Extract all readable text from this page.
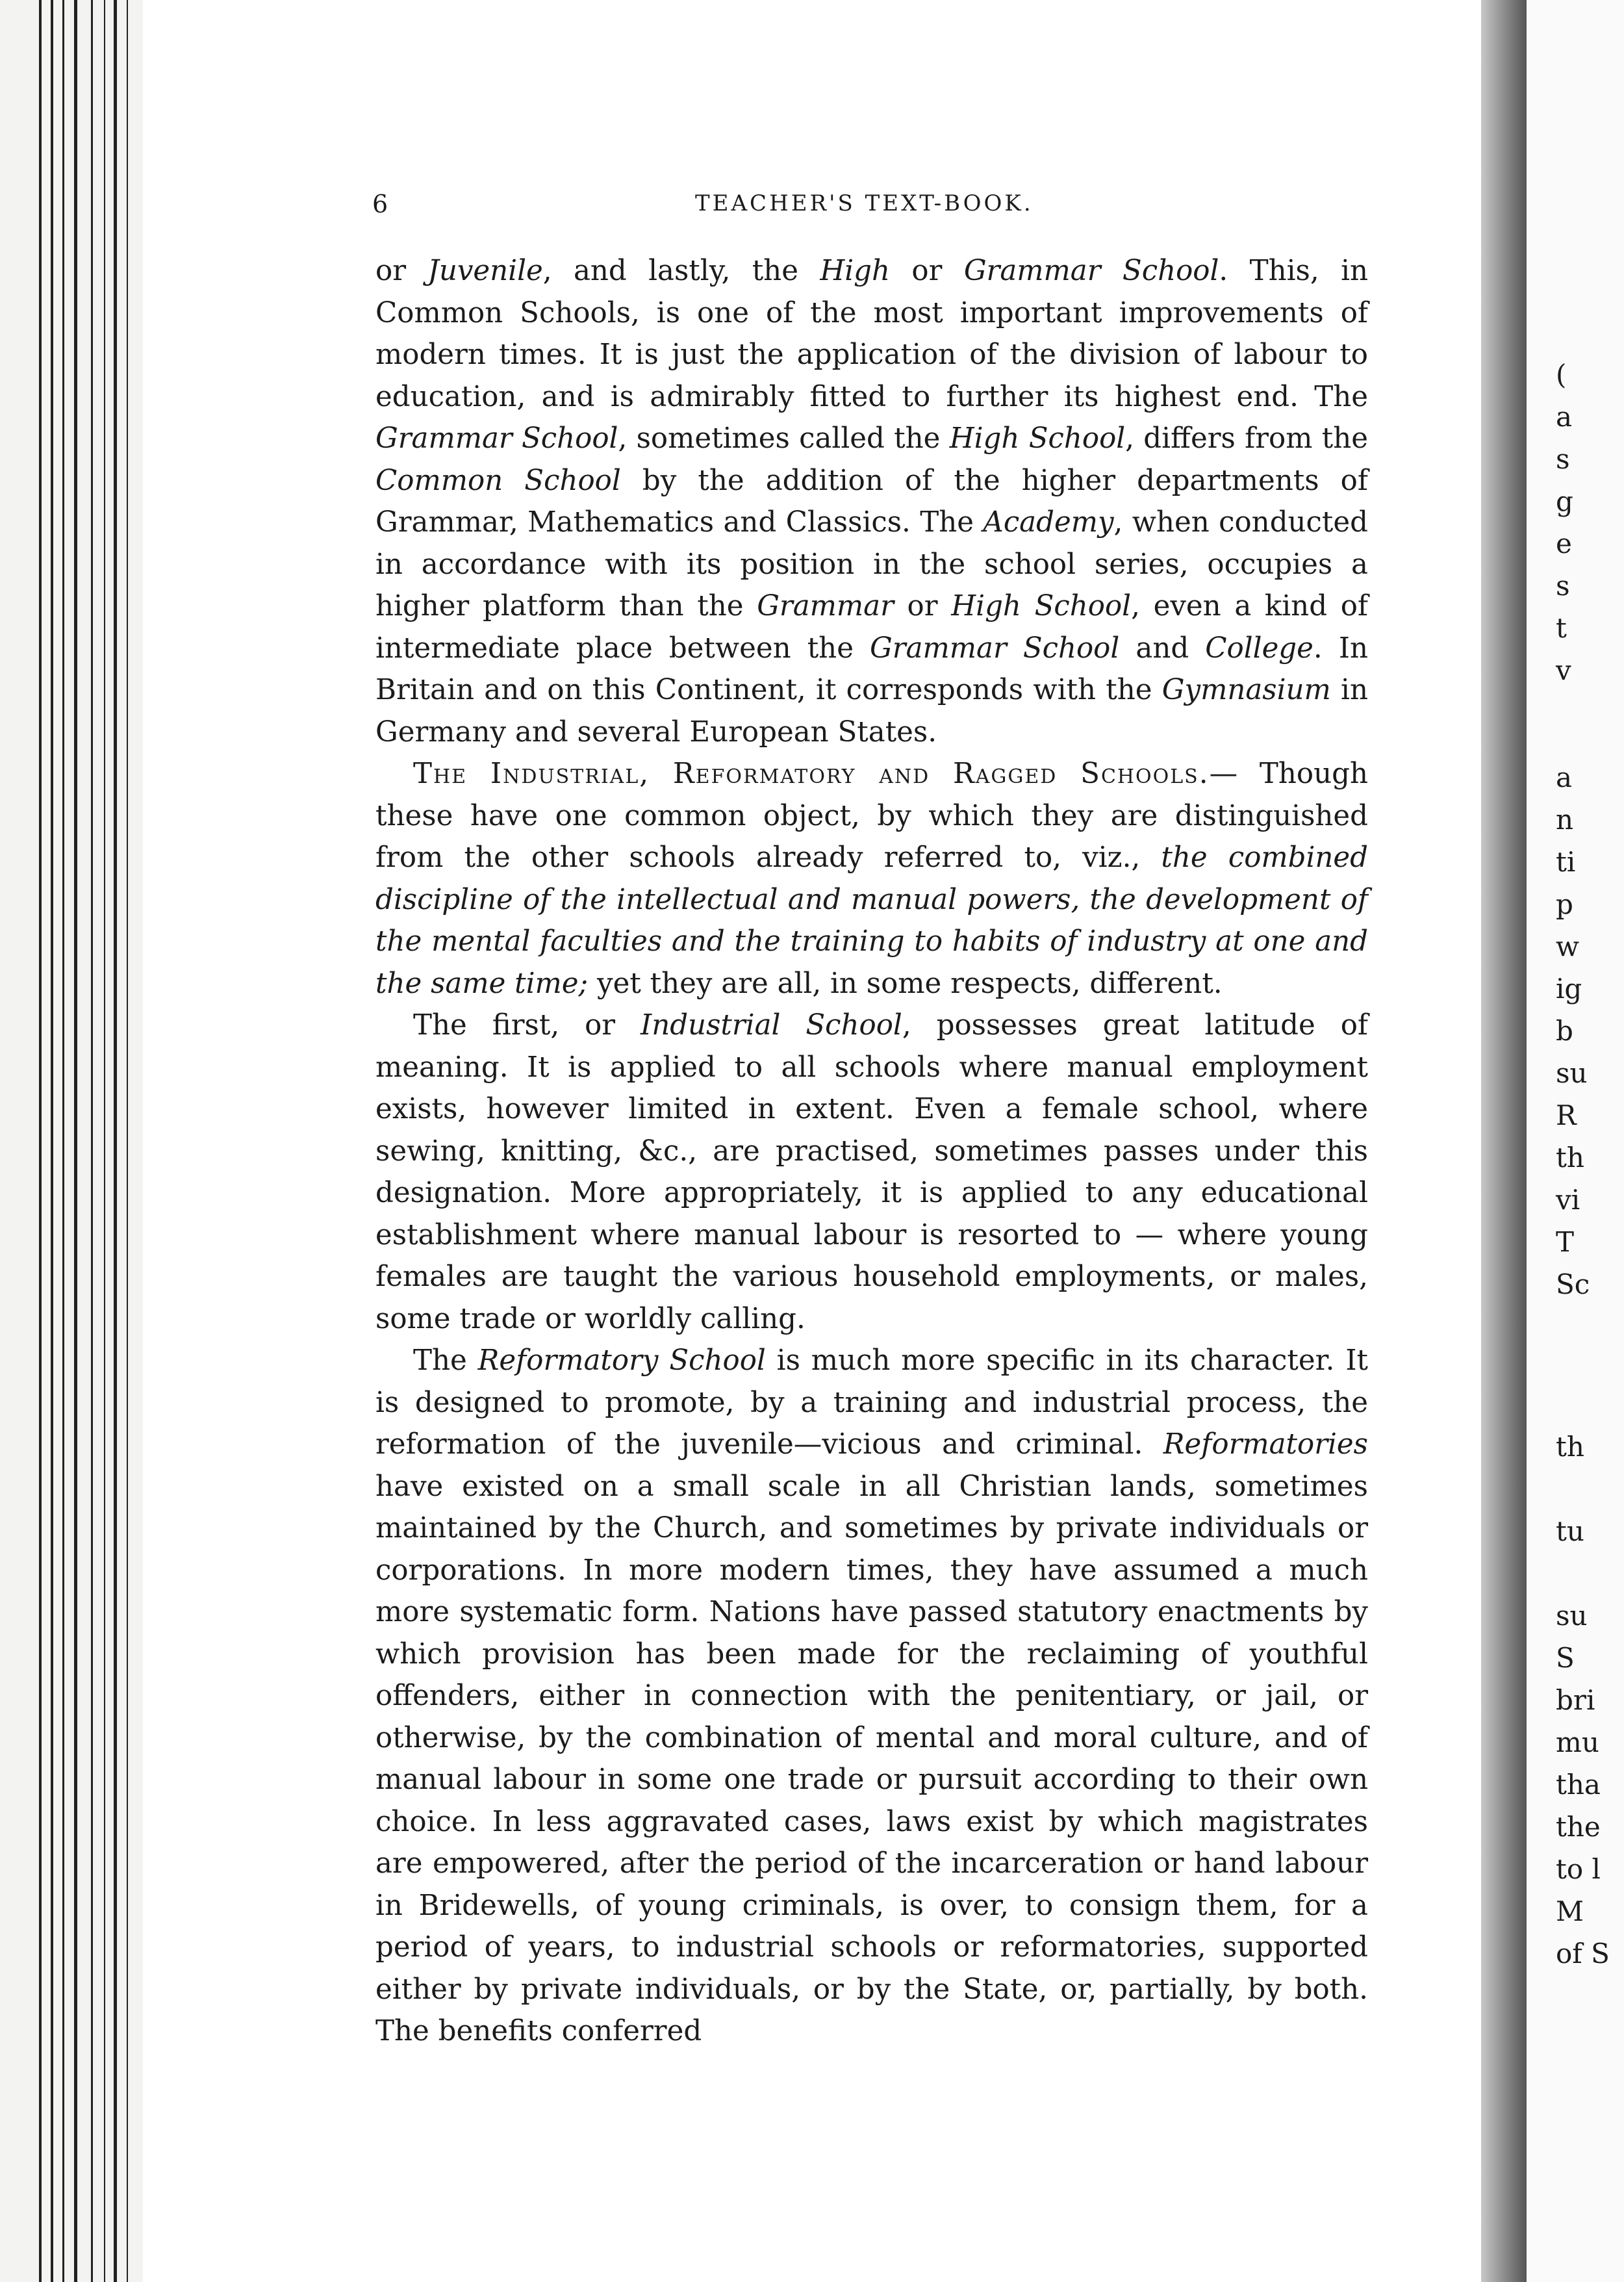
6	TEACHER'S TEXT-BOOK.

or Juvenile, and lastly, the High or Grammar School. This, in Common Schools, is one of the most important improvements of modern times. It is just the application of the division of labour to education, and is admirably fitted to further its highest end. The Grammar School, sometimes called the High School, differs from the Common School by the addition of the higher departments of Grammar, Mathematics and Classics. The Academy, when conducted in accordance with its position in the school series, occupies a higher platform than the Grammar or High School, even a kind of intermediate place between the Grammar School and College. In Britain and on this Continent, it corresponds with the Gymnasium in Germany and several European States.

The Industrial, Reformatory and Ragged Schools.— Though these have one common object, by which they are distinguished from the other schools already referred to, viz., the combined discipline of the intellectual and manual powers, the development of the mental faculties and the training to habits of industry at one and the same time; yet they are all, in some respects, different.

The first, or Industrial School, possesses great latitude of meaning. It is applied to all schools where manual employment exists, however limited in extent. Even a female school, where sewing, knitting, &c., are practised, sometimes passes under this designation. More appropriately, it is applied to any educational establishment where manual labour is resorted to — where young females are taught the various household employments, or males, some trade or worldly calling.

The Reformatory School is much more specific in its character. It is designed to promote, by a training and industrial process, the reformation of the juvenile—vicious and criminal. Reformatories have existed on a small scale in all Christian lands, sometimes maintained by the Church, and sometimes by private individuals or corporations. In more modern times, they have assumed a much more systematic form. Nations have passed statutory enactments by which provision has been made for the reclaiming of youthful offenders, either in connection with the penitentiary, or jail, or otherwise, by the combination of mental and moral culture, and of manual labour in some one trade or pursuit according to their own choice. In less aggravated cases, laws exist by which magistrates are empowered, after the period of the incarceration or hand labour in Bridewells, of young criminals, is over, to consign them, for a period of years, to industrial schools or reformatories, supported either by private individuals, or by the State, or, partially, by both. The benefits conferred

(
a
s
g
e
s
t
v
a
n
ti
p
w
ig
b
su
R
th
vi
T
Sc
th
tu
su
S
bri
mu
tha
the
to l
M
of S
